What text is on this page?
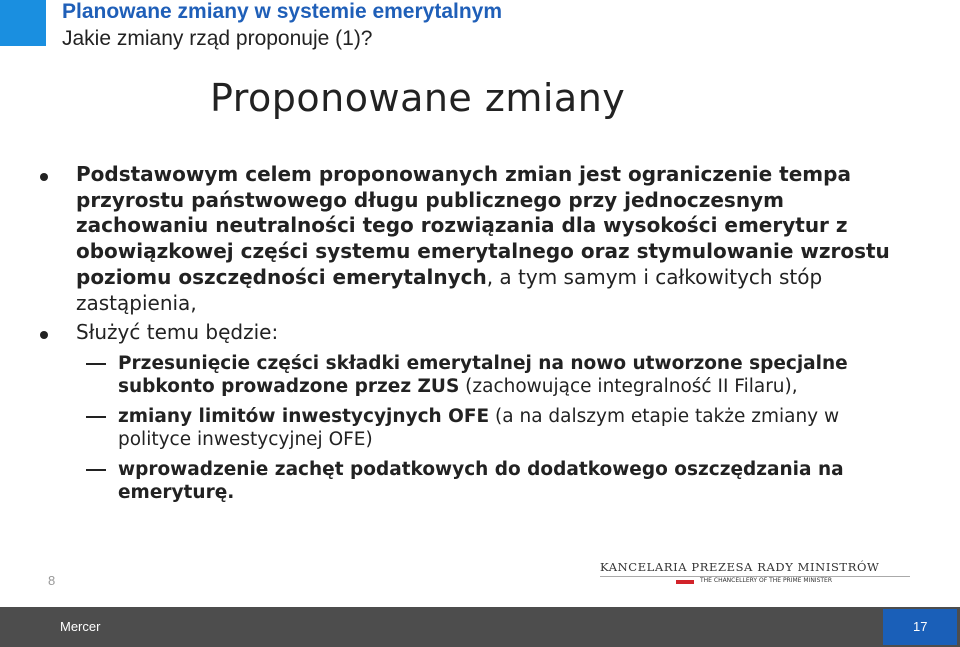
Planowane zmiany w systemie emerytalnym
Jakie zmiany rząd proponuje (1)?
Proponowane zmiany
Podstawowym celem proponowanych zmian jest ograniczenie tempa przyrostu państwowego długu publicznego przy jednoczesnym zachowaniu neutralności tego rozwiązania dla wysokości emerytur z obowiązkowej części systemu emerytalnego oraz stymulowanie wzrostu poziomu oszczędności emerytalnych, a tym samym i całkowitych stóp zastąpienia,
Służyć temu będzie:
Przesunięcie części składki emerytalnej na nowo utworzone specjalne subkonto prowadzone przez ZUS (zachowujące integralność II Filaru),
zmiany limitów inwestycyjnych OFE (a na dalszym etapie także zmiany w polityce inwestycyjnej OFE)
wprowadzenie zachęt podatkowych do dodatkowego oszczędzania na emeryturę.
8
KANCELARIA PREZESA RADY MINISTRÓW
THE CHANCELLERY OF THE PRIME MINISTER
Mercer	17
